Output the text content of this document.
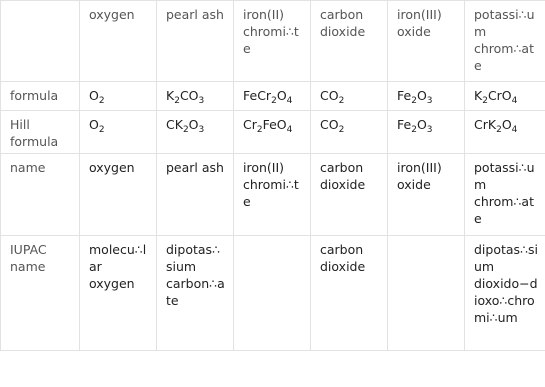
	oxygen	pearl ash	iron(II) chromi∴te	carbon dioxide	iron(III) oxide	potassi∴um chrom∴ate
formula	$O_2$	$K_2CO_3$	$FeCr_2O_4$	$CO_2$	$Fe_2O_3$	$K_2CrO_4$
Hill formula	$O_2$	$CK_2O_3$	$Cr_2FeO_4$	$CO_2$	$Fe_2O_3$	$CrK_2O_4$
name	oxygen	pearl ash	iron(II) chromi∴te	carbon dioxide	iron(III) oxide	potassi∴um chrom∴ate
IUPAC name	molecu∴lar oxygen	dipotas∴sium carbon∴ate		carbon dioxide		dipotas∴sium dioxido−dioxo∴chromi∴um
